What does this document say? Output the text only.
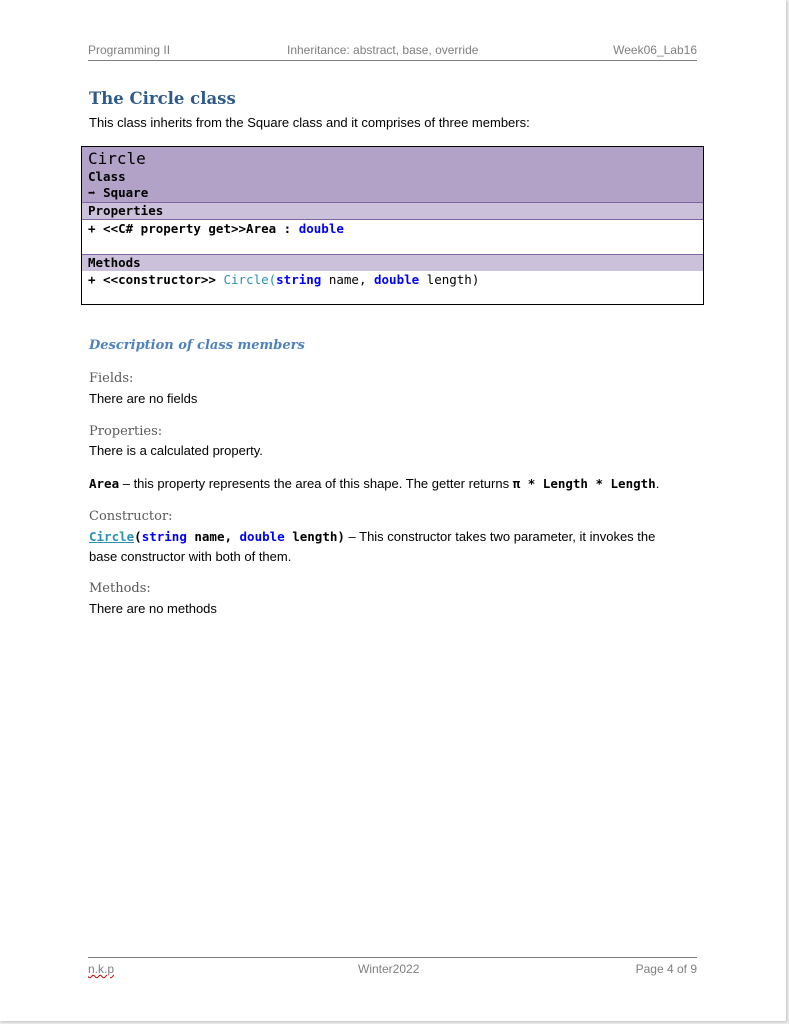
Programming II	Inheritance: abstract, base, override	Week06_Lab16
The Circle class
This class inherits from the Square class and it comprises of three members:
Circle
Class
➡ Square
Properties
+ <<C# property get>>Area : double
Methods
+ <<constructor>> Circle(string name, double length)
Description of class members
Fields:
There are no fields
Properties:
There is a calculated property.
Area – this property represents the area of this shape. The getter returns π * Length * Length.
Constructor:
Circle(string name, double length) – This constructor takes two parameter, it invokes the
base constructor with both of them.
Methods:
There are no methods
n.k.p	Winter2022	Page 4 of 9
